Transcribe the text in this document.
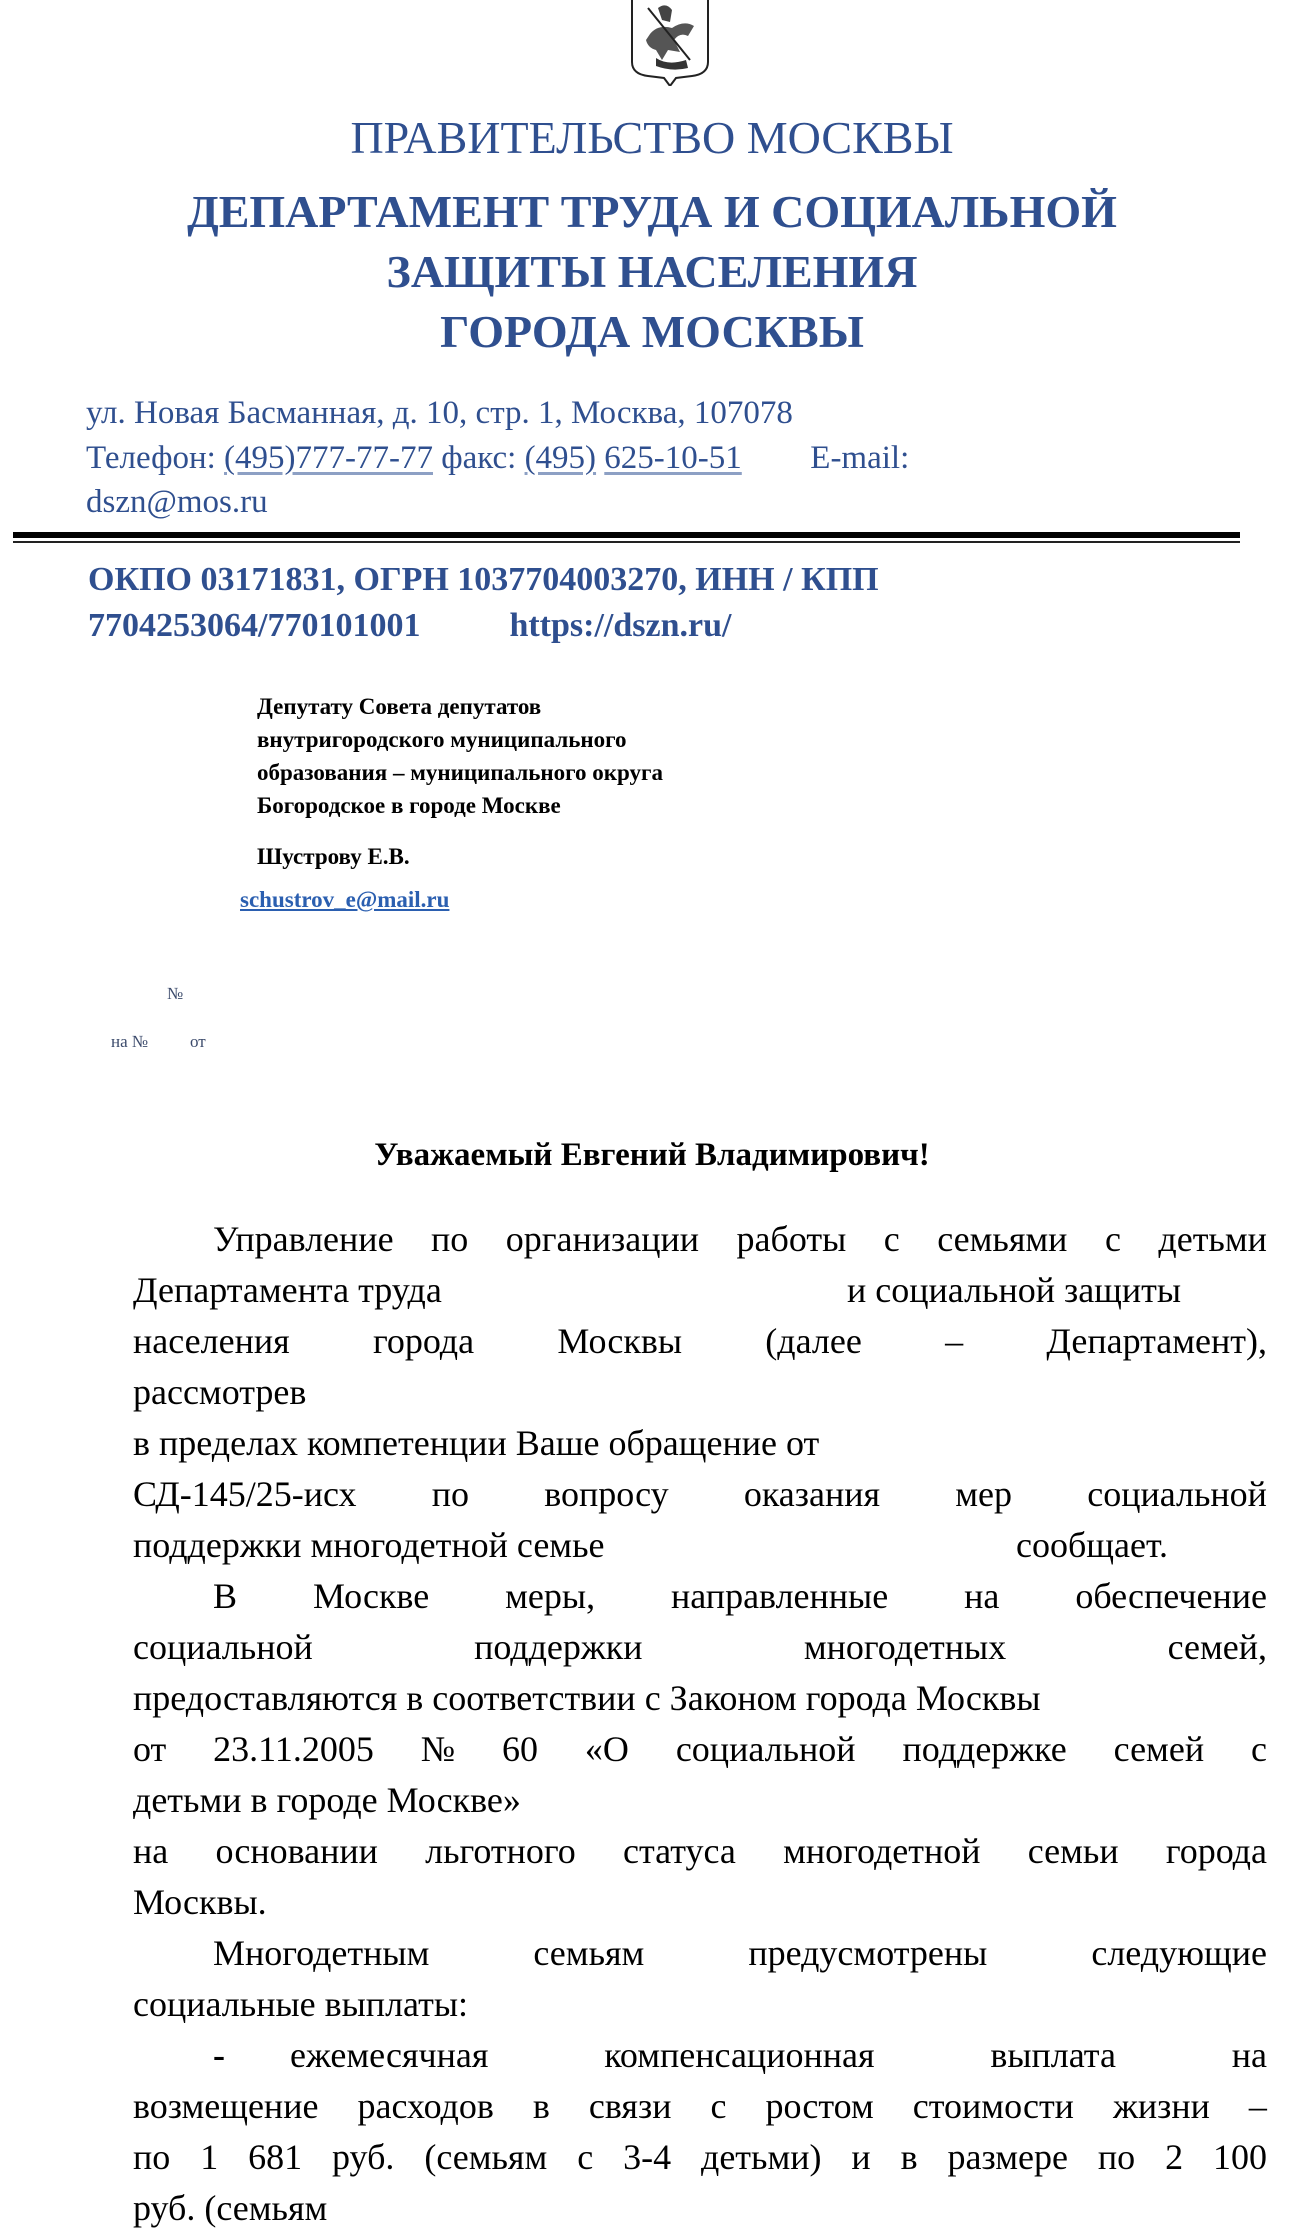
ПРАВИТЕЛЬСТВО МОСКВЫ
ДЕПАРТАМЕНТ ТРУДА И СОЦИАЛЬНОЙ
ЗАЩИТЫ НАСЕЛЕНИЯ
ГОРОДА МОСКВЫ
ул. Новая Басманная, д. 10, стр. 1, Москва, 107078
Телефон: (495)777-77-77 факс: (495) 625-10-51 E-mail:
dszn@mos.ru
ОКПО 03171831, ОГРН 1037704003270, ИНН / КПП
7704253064/770101001	https://dszn.ru/
Депутату Совета депутатов
внутригородского муниципального
образования – муниципального округа
Богородское в городе Москве
Шустрову Е.В.
schustrov_e@mail.ru
№
на № от
Уважаемый Евгений Владимирович!
Управление по организации работы с семьями с детьми
Департамента труда	и социальной защиты
населения города Москвы (далее – Департамент),
рассмотрев
в пределах компетенции Ваше обращение от
СД-145/25-исх по вопросу оказания мер социальной
поддержки многодетной семье	сообщает.
В Москве меры, направленные на обеспечение
социальной	поддержки	многодетных	семей,
предоставляются в соответствии с Законом города Москвы
от 23.11.2005 № 60 «О социальной поддержке семей с
детьми в городе Москве»
на основании льготного статуса многодетной семьи города
Москвы.
Многодетным	семьям	предусмотрены	следующие
социальные выплаты:
- ежемесячная	компенсационная	выплата	на
возмещение расходов в связи с ростом стоимости жизни –
по 1 681 руб. (семьям с 3-4 детьми) и в размере по 2 100
руб. (семьям
